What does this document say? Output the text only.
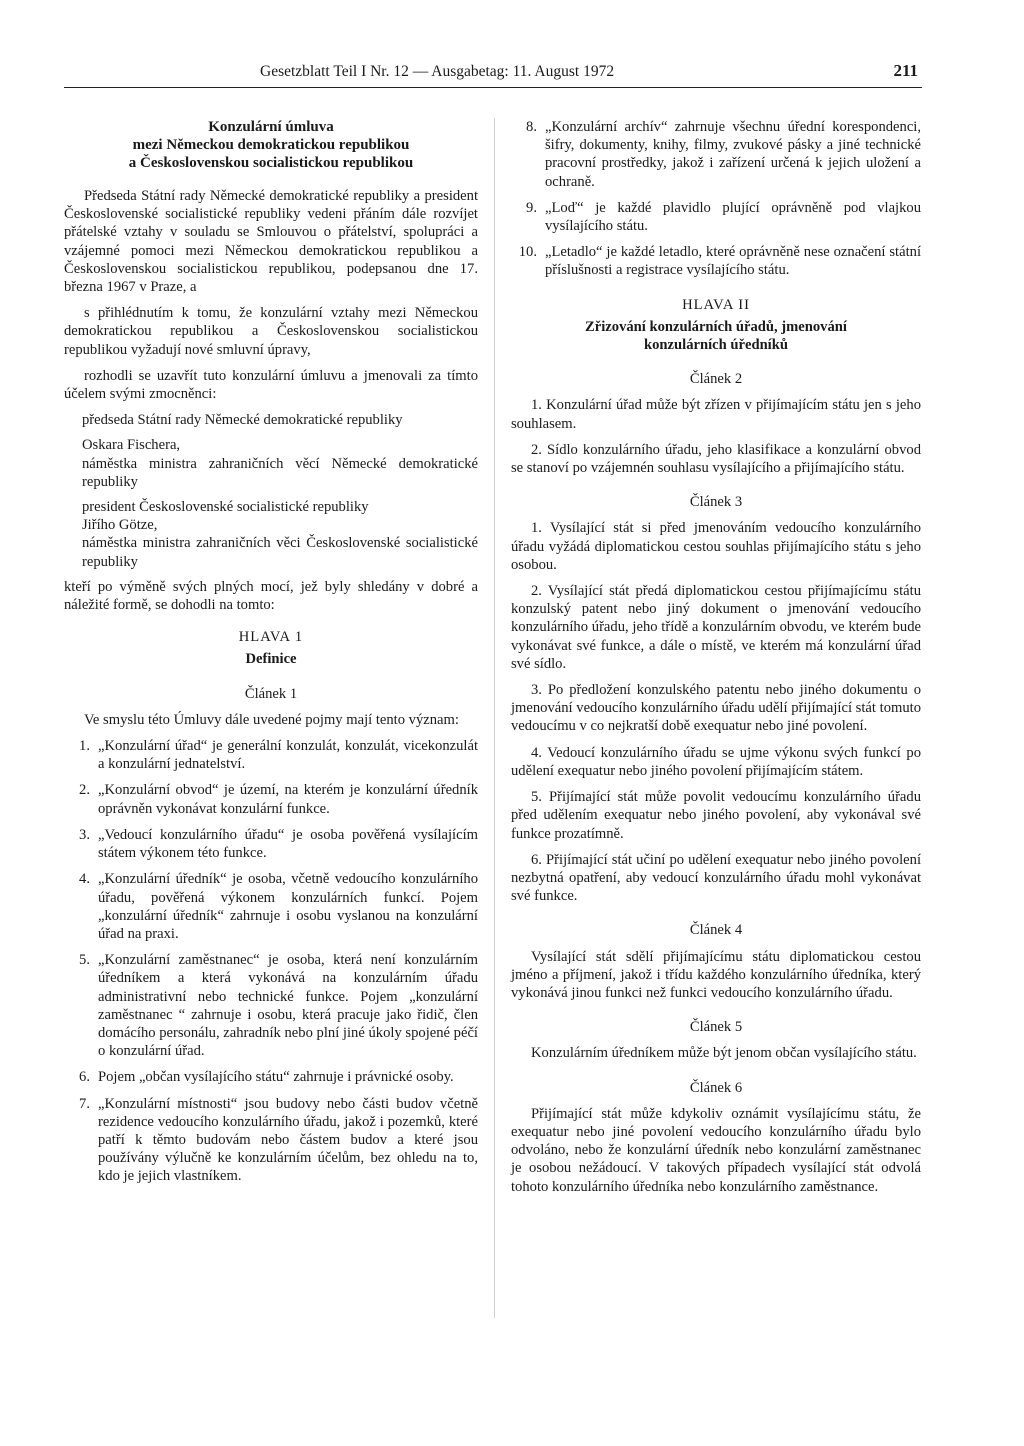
Gesetzblatt Teil I Nr. 12 — Ausgabetag: 11. August 1972	211
Konzulární úmluva
mezi Německou demokratickou republikou
a Československou socialistickou republikou

Předseda Státní rady Německé demokratické republiky a president Československé socialistické republiky vedeni přáním dále rozvíjet přátelské vztahy v souladu se Smlouvou o přátelství, spolupráci a vzájemné pomoci mezi Německou demokratickou republikou a Československou socialistickou republikou, podepsanou dne 17. března 1967 v Praze, a

s přihlédnutím k tomu, že konzulární vztahy mezi Německou demokratickou republikou a Československou socialistickou republikou vyžadují nové smluvní úpravy,

rozhodli se uzavřít tuto konzulární úmluvu a jmenovali za tímto účelem svými zmocněnci:

předseda Státní rady Německé demokratické republiky

Oskara Fischera,

náměstka ministra zahraničních věcí Německé demokratické republiky

president Československé socialistické republiky

Jiřího Götze,

náměstka ministra zahraničních věci Československé socialistické republiky

kteří po výměně svých plných mocí, jež byly shledány v dobré a náležité formě, se dohodli na tomto:

HLAVA 1
Definice
Článek 1

Ve smyslu této Úmluvy dále uvedené pojmy mají tento význam:

1. „Konzulární úřad“ je generální konzulát, konzulát, vicekonzulát a konzulární jednatelství.
2. „Konzulární obvod“ je území, na kterém je konzulární úředník oprávněn vykonávat konzulární funkce.
3. „Vedoucí konzulárního úřadu“ je osoba pověřená vysílajícím státem výkonem této funkce.
4. „Konzulární úředník“ je osoba, včetně vedoucího konzulárního úřadu, pověřená výkonem konzulárních funkcí. Pojem „konzulární úředník“ zahrnuje i osobu vyslanou na konzulární úřad na praxi.
5. „Konzulární zaměstnanec“ je osoba, která není konzulárním úředníkem a která vykonává na konzulárním úřadu administrativní nebo technické funkce. Pojem „konzulární zaměstnanec “ zahrnuje i osobu, která pracuje jako řidič, člen domácího personálu, zahradník nebo plní jiné úkoly spojené péčí o konzulární úřad.
6. Pojem „občan vysílajícího státu“ zahrnuje i právnické osoby.
7. „Konzulární místnosti“ jsou budovy nebo části budov včetně rezidence vedoucího konzulárního úřadu, jakož i pozemků, které patří k těmto budovám nebo částem budov a které jsou používány výlučně ke konzulárním účelům, bez ohledu na to, kdo je jejich vlastníkem.
8. „Konzulární archív“ zahrnuje všechnu úřední korespondenci, šifry, dokumenty, knihy, filmy, zvukové pásky a jiné technické pracovní prostředky, jakož i zařízení určená k jejich uložení a ochraně.
9. „Loď“ je každé plavidlo plující oprávněně pod vlajkou vysílajícího státu.
10. „Letadlo“ je každé letadlo, které oprávněně nese označení státní příslušnosti a registrace vysílajícího státu.
HLAVA II
Zřizování konzulárních úřadů, jmenování konzulárních úředníků
Článek 2

1. Konzulární úřad může být zřízen v přijímajícím státu jen s jeho souhlasem.

2. Sídlo konzulárního úřadu, jeho klasifikace a konzulární obvod se stanoví po vzájemnén souhlasu vysílajícího a přijímajícího státu.

Článek 3

1. Vysílající stát si před jmenováním vedoucího konzulárního úřadu vyžádá diplomatickou cestou souhlas přijímajícího státu s jeho osobou.

2. Vysílající stát předá diplomatickou cestou přijímajícímu státu konzulský patent nebo jiný dokument o jmenování vedoucího konzulárního úřadu, jeho třídě a konzulárním obvodu, ve kterém bude vykonávat své funkce, a dále o místě, ve kterém má konzulární úřad své sídlo.

3. Po předložení konzulského patentu nebo jiného dokumentu o jmenování vedoucího konzulárního úřadu udělí přijímající stát tomuto vedoucímu v co nejkratší době exequatur nebo jiné povolení.

4. Vedoucí konzulárního úřadu se ujme výkonu svých funkcí po udělení exequatur nebo jiného povolení přijímajícím státem.

5. Přijímající stát může povolit vedoucímu konzulárního úřadu před udělením exequatur nebo jiného povolení, aby vykonával své funkce prozatímně.

6. Přijímající stát učiní po udělení exequatur nebo jiného povolení nezbytná opatření, aby vedoucí konzulárního úřadu mohl vykonávat své funkce.

Článek 4

Vysílající stát sdělí přijímajícímu státu diplomatickou cestou jméno a příjmení, jakož i třídu každého konzulárního úředníka, který vykonává jinou funkci než funkci vedoucího konzulárního úřadu.

Článek 5

Konzulárním úředníkem může být jenom občan vysílajícího státu.

Článek 6

Přijímající stát může kdykoliv oznámit vysílajícímu státu, že exequatur nebo jiné povolení vedoucího konzulárního úřadu bylo odvoláno, nebo že konzulární úředník nebo konzulární zaměstnanec je osobou nežádoucí. V takových případech vysílající stát odvolá tohoto konzulárního úředníka nebo konzulárního zaměstnance.
